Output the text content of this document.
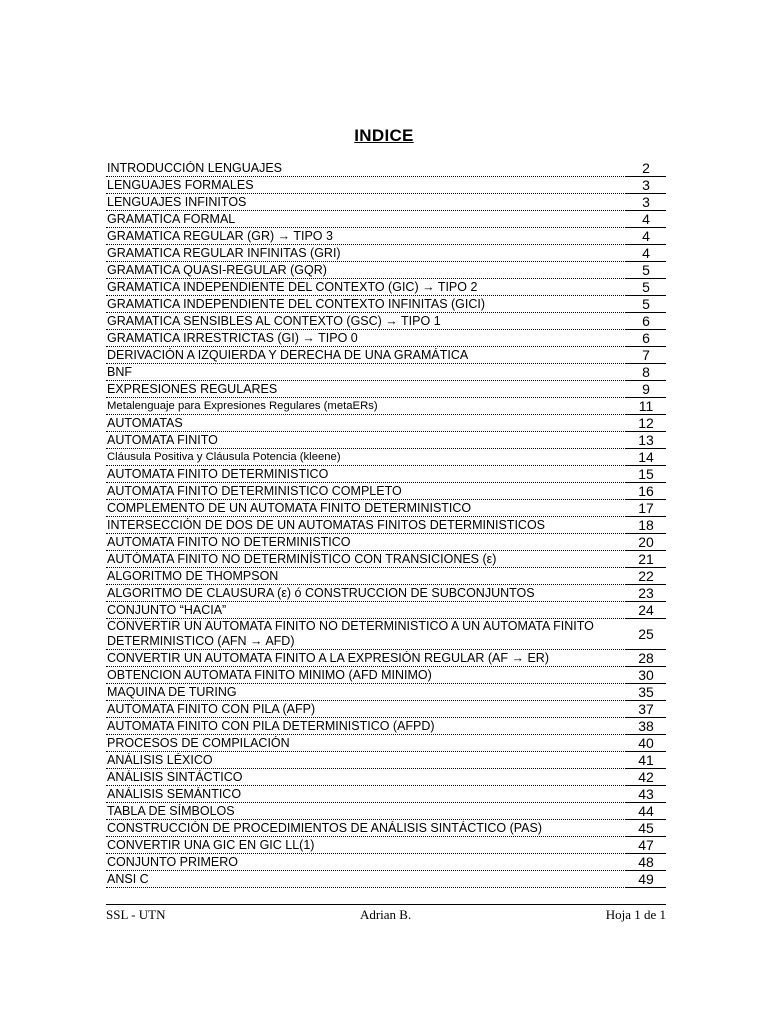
INDICE
INTRODUCCIÓN LENGUAJES	2
LENGUAJES FORMALES	3
LENGUAJES INFINITOS	3
GRAMATICA FORMAL	4
GRAMATICA REGULAR (GR) → TIPO 3	4
GRAMATICA REGULAR INFINITAS (GRI)	4
GRAMATICA QUASI-REGULAR (GQR)	5
GRAMATICA INDEPENDIENTE DEL CONTEXTO (GIC) → TIPO 2	5
GRAMATICA INDEPENDIENTE DEL CONTEXTO INFINITAS (GICI)	5
GRAMATICA SENSIBLES AL CONTEXTO (GSC) → TIPO 1	6
GRAMATICA IRRESTRICTAS (GI) → TIPO 0	6
DERIVACIÓN A IZQUIERDA Y DERECHA DE UNA GRAMÁTICA	7
BNF	8
EXPRESIONES REGULARES	9
Metalenguaje para Expresiones Regulares (metaERs)	11
AUTOMATAS	12
AUTOMATA FINITO	13
Cláusula Positiva y Cláusula Potencia (kleene)	14
AUTOMATA FINITO DETERMINISTICO	15
AUTOMATA FINITO DETERMINISTICO COMPLETO	16
COMPLEMENTO DE UN AUTOMATA FINITO DETERMINISTICO	17
INTERSECCIÓN DE DOS DE UN AUTOMATAS FINITOS DETERMINISTICOS	18
AUTOMATA FINITO NO DETERMINISTICO	20
AUTÓMATA FINITO NO DETERMINÍSTICO CON TRANSICIONES (ε)	21
ALGORITMO DE THOMPSON	22
ALGORITMO DE CLAUSURA (ε) ó CONSTRUCCION DE SUBCONJUNTOS	23
CONJUNTO “HACIA”	24
CONVERTIR UN AUTOMATA FINITO NO DETERMINISTICO A UN AUTOMATA FINITO DETERMINISTICO (AFN → AFD)	25
CONVERTIR UN AUTOMATA FINITO A LA EXPRESIÓN REGULAR (AF → ER)	28
OBTENCION AUTOMATA FINITO MINIMO (AFD MINIMO)	30
MAQUINA DE TURING	35
AUTOMATA FINITO CON PILA (AFP)	37
AUTOMATA FINITO CON PILA DETERMINISTICO (AFPD)	38
PROCESOS DE COMPILACIÓN	40
ANÁLISIS LÉXICO	41
ANÁLISIS SINTÁCTICO	42
ANÁLISIS SEMÁNTICO	43
TABLA DE SÍMBOLOS	44
CONSTRUCCIÓN DE PROCEDIMIENTOS DE ANÁLISIS SINTÁCTICO (PAS)	45
CONVERTIR UNA GIC EN GIC LL(1)	47
CONJUNTO PRIMERO	48
ANSI C	49
SSL - UTN	Adrian B.	Hoja 1 de 1
